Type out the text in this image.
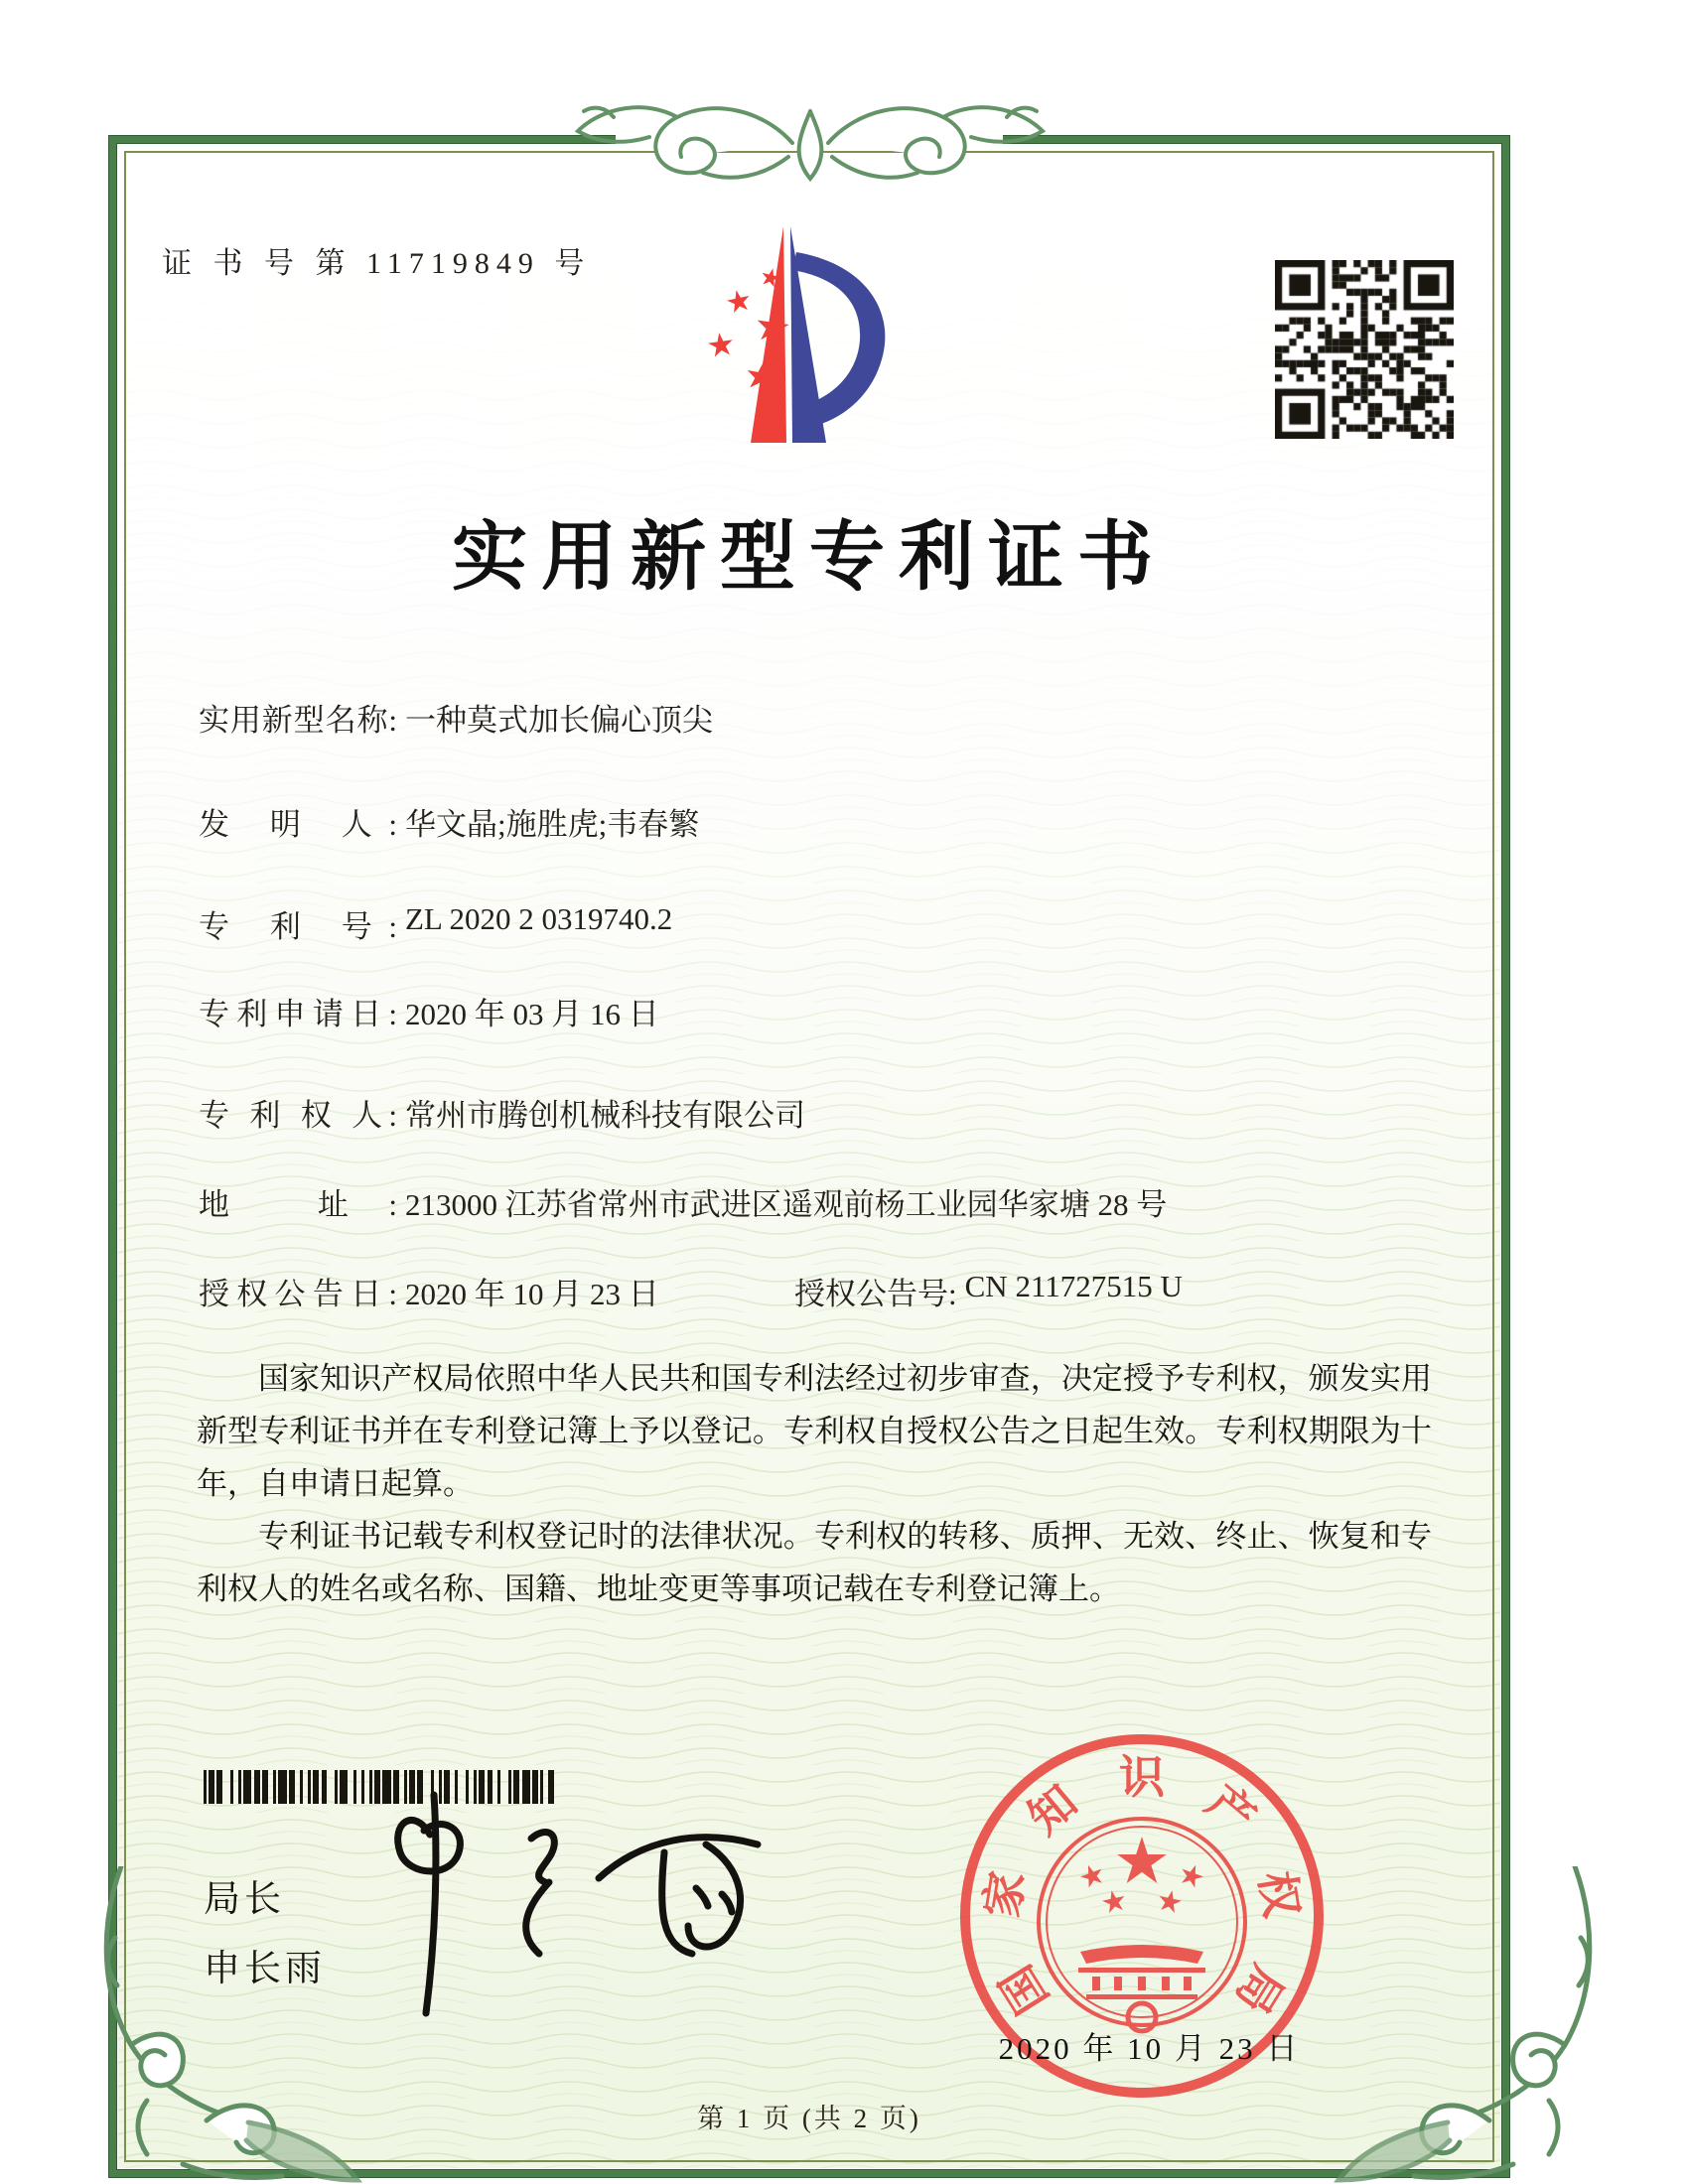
证 书 号 第 11719849 号
实用新型专利证书
实用新型名称: 一种莫式加长偏心顶尖
发 明 人: 华文晶;施胜虎;韦春繁
专 利 号: ZL 2020 2 0319740.2
专利申请日: 2020 年 03 月 16 日
专 利 权 人: 常州市腾创机械科技有限公司
地 址: 213000 江苏省常州市武进区遥观前杨工业园华家塘 28 号
授权公告日: 2020 年 10 月 23 日	授权公告号: CN 211727515 U

国家知识产权局依照中华人民共和国专利法经过初步审查，决定授予专利权，颁发实用新型专利证书并在专利登记簿上予以登记。专利权自授权公告之日起生效。专利权期限为十年，自申请日起算。

专利证书记载专利权登记时的法律状况。专利权的转移、质押、无效、终止、恢复和专利权人的姓名或名称、国籍、地址变更等事项记载在专利登记簿上。

局长
申长雨	国
家
知 识 产
权
局
2020 年 10 月 23 日
第 1 页 (共 2 页)
